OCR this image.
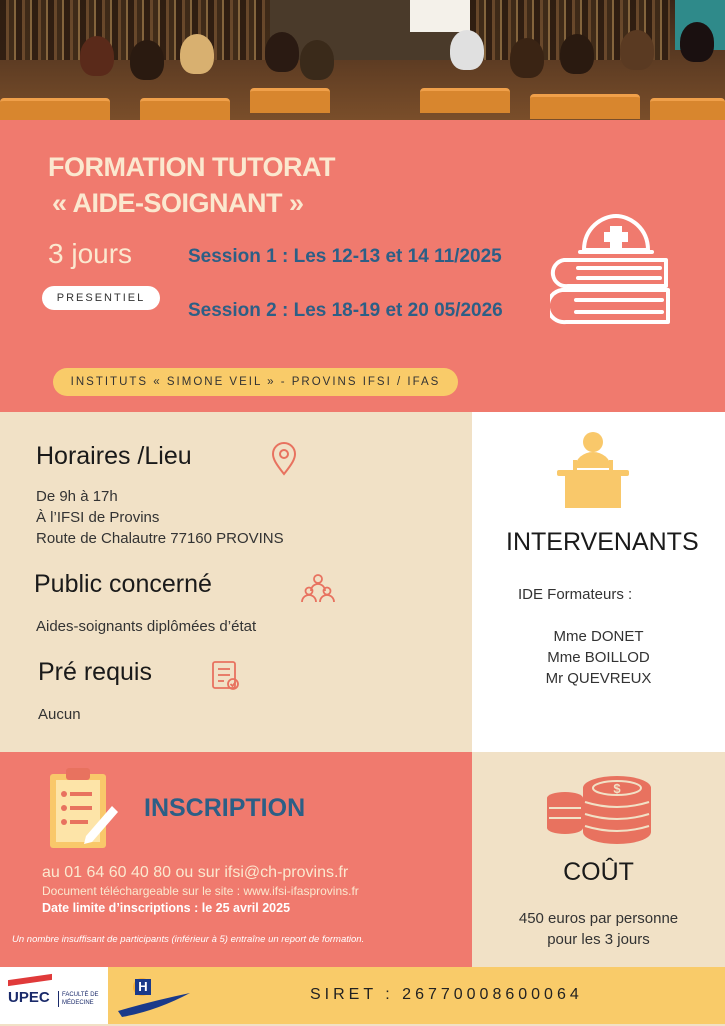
FORMATION TUTORAT
« AIDE-SOIGNANT »
3 jours
PRESENTIEL
Session 1 : Les 12-13 et 14 11/2025
Session 2 : Les 18-19 et 20 05/2026
INSTITUTS « SIMONE VEIL » - PROVINS IFSI / IFAS
Horaires /Lieu
De 9h à 17h
À l’IFSI de Provins
Route de Chalautre 77160 PROVINS
Public concerné
Aides-soignants diplômées d’état
Pré requis
Aucun
INTERVENANTS
IDE Formateurs :
Mme DONET
Mme BOILLOD
Mr QUEVREUX
INSCRIPTION
au 01 64 60 40 80 ou sur ifsi@ch-provins.fr
Document téléchargeable sur le site : www.ifsi-ifasprovins.fr
Date limite d’inscriptions : le 25 avril 2025
Un nombre insuffisant de participants (inférieur à 5) entraîne un report de formation.
$
COÛT
450 euros par personne
pour les 3 jours
UPEC	FACULTÉ DE MÉDECINE
H	SIRET : 26770008600064
